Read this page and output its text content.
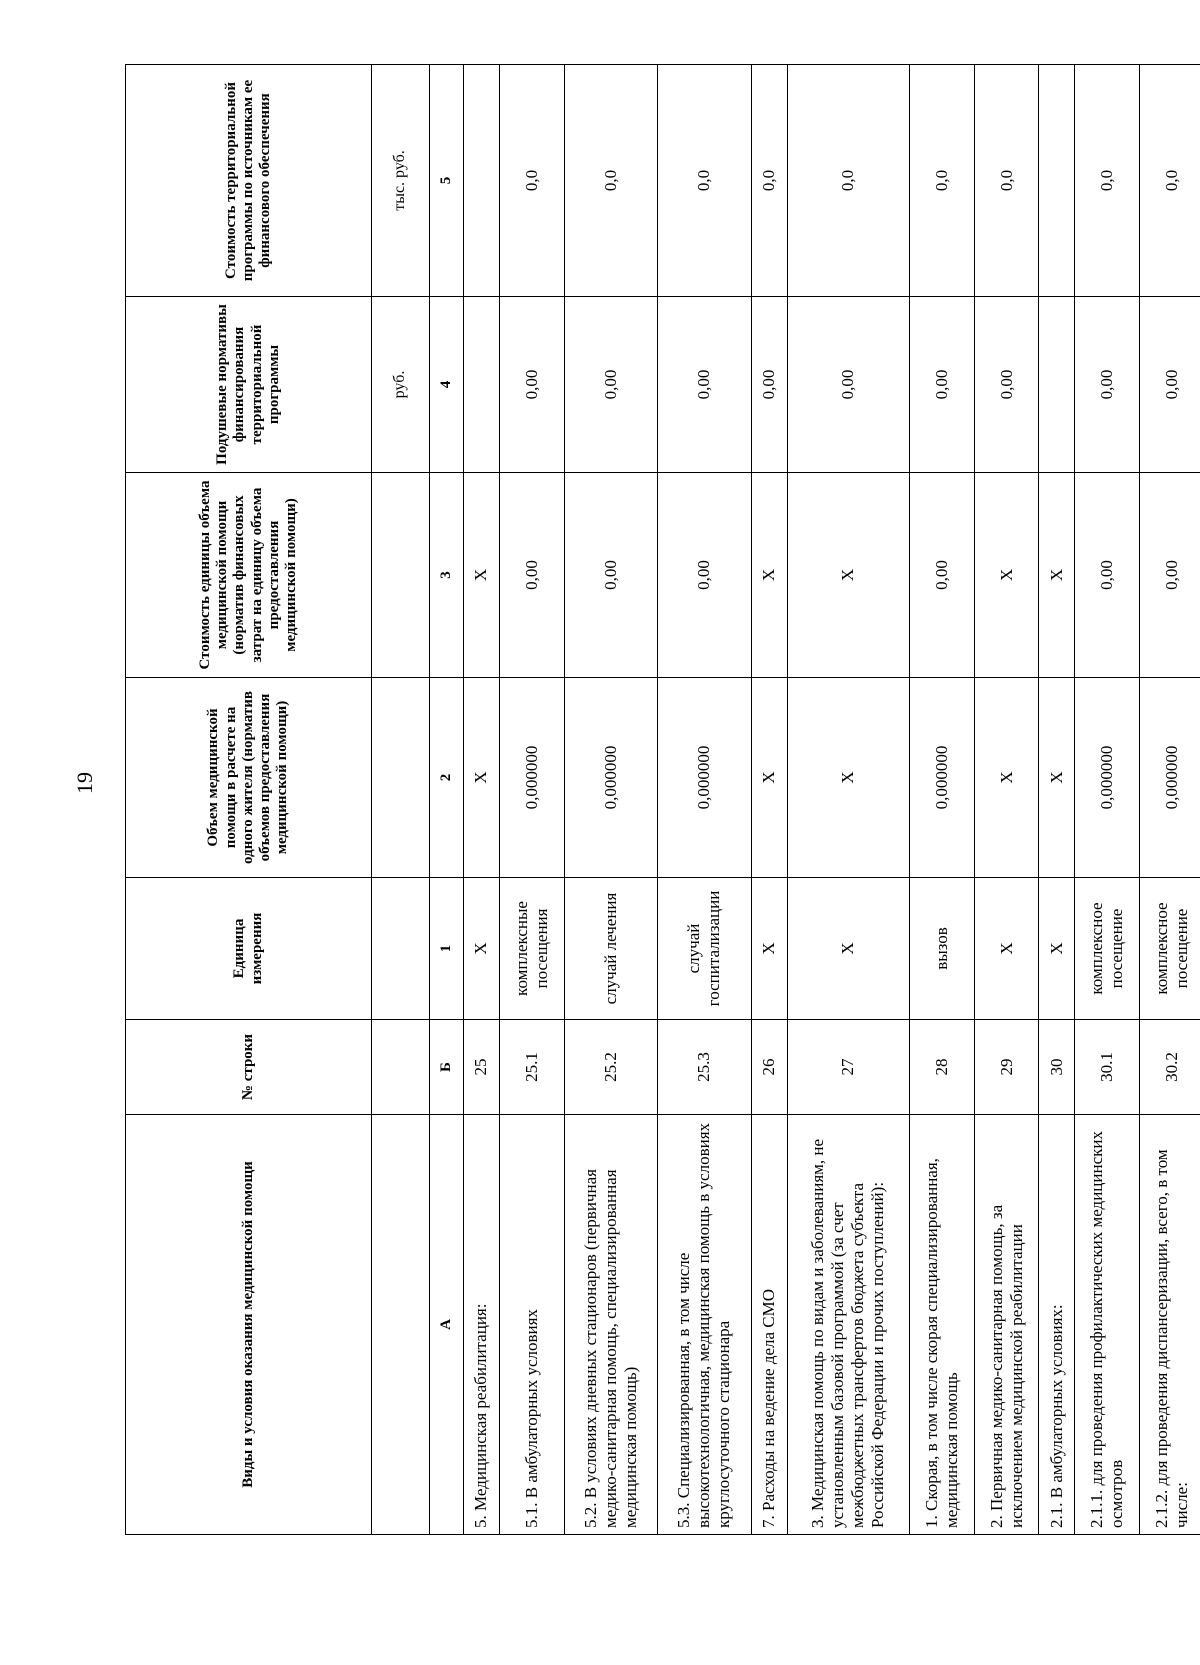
19
Виды и условия оказания медицинской помощи	№ строки	Единица измерения	Объем медицинской помощи в расчете на одного жителя (норматив объемов предоставления медицинской помощи)	Стоимость единицы объема медицинской помощи (норматив финансовых затрат на единицу объема предоставления медицинской помощи)	Подушевые нормативы финансирования территориальной программы	Стоимость территориальной программы по источникам ее финансового обеспечения
					руб.	тыс. руб.
А	Б	1	2	3	4	5
5. Медицинская реабилитация:	25	Х	Х	Х		
5.1. В амбулаторных условиях	25.1	комплексные посещения	0,000000	0,00	0,00	0,0
5.2. В условиях дневных стационаров (первичная медико-санитарная помощь, специализированная медицинская помощь)	25.2	случай лечения	0,000000	0,00	0,00	0,0
5.3. Специализированная, в том числе высокотехнологичная, медицинская помощь в условиях круглосуточного стационара	25.3	случай госпитализации	0,000000	0,00	0,00	0,0
7. Расходы на ведение дела СМО	26	Х	Х	Х	0,00	0,0
3. Медицинская помощь по видам и заболеваниям, не установленным базовой программой (за счет межбюджетных трансфертов бюджета субъекта Российской Федерации и прочих поступлений):	27	Х	Х	Х	0,00	0,0
1. Скорая, в том числе скорая специализированная, медицинская помощь	28	вызов	0,000000	0,00	0,00	0,0
2. Первичная медико-санитарная помощь, за исключением медицинской реабилитации	29	Х	Х	Х	0,00	0,0
2.1. В амбулаторных условиях:	30	Х	Х	Х		
2.1.1. для проведения профилактических медицинских осмотров	30.1	комплексное посещение	0,000000	0,00	0,00	0,0
2.1.2. для проведения диспансеризации, всего, в том числе:	30.2	комплексное посещение	0,000000	0,00	0,00	0,0
